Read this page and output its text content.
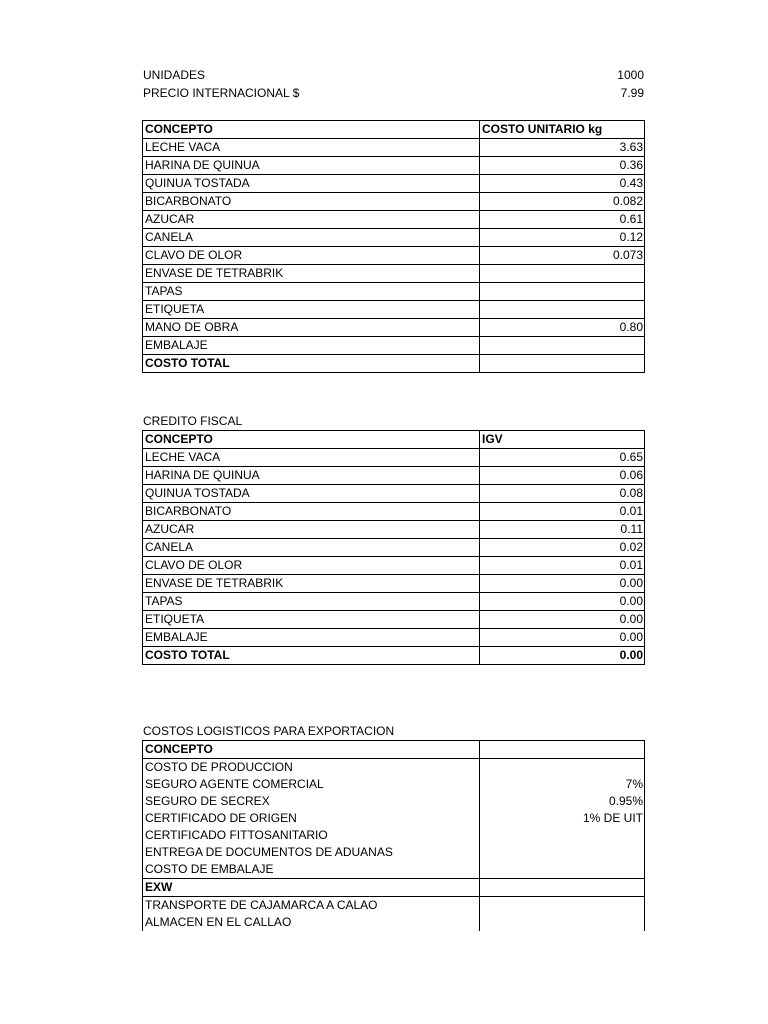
UNIDADES	1000
PRECIO INTERNACIONAL $	7.99
CONCEPTO	COSTO UNITARIO kg
LECHE VACA	3.63
HARINA DE QUINUA	0.36
QUINUA TOSTADA	0.43
BICARBONATO	0.082
AZUCAR	0.61
CANELA	0.12
CLAVO DE OLOR	0.073
ENVASE DE TETRABRIK	
TAPAS	
ETIQUETA	
MANO DE OBRA	0.80
EMBALAJE	
COSTO TOTAL	
CREDITO FISCAL
CONCEPTO	IGV
LECHE VACA	0.65
HARINA DE QUINUA	0.06
QUINUA TOSTADA	0.08
BICARBONATO	0.01
AZUCAR	0.11
CANELA	0.02
CLAVO DE OLOR	0.01
ENVASE DE TETRABRIK	0.00
TAPAS	0.00
ETIQUETA	0.00
EMBALAJE	0.00
COSTO TOTAL	0.00
COSTOS LOGISTICOS PARA EXPORTACION
CONCEPTO	
COSTO DE PRODUCCION	
SEGURO AGENTE COMERCIAL	7%
SEGURO DE SECREX	0.95%
CERTIFICADO DE ORIGEN	1% DE UIT
CERTIFICADO FITTOSANITARIO	
ENTREGA DE DOCUMENTOS DE ADUANAS	
COSTO DE EMBALAJE	
EXW	
TRANSPORTE DE CAJAMARCA A CALAO	
ALMACEN EN EL CALLAO	
